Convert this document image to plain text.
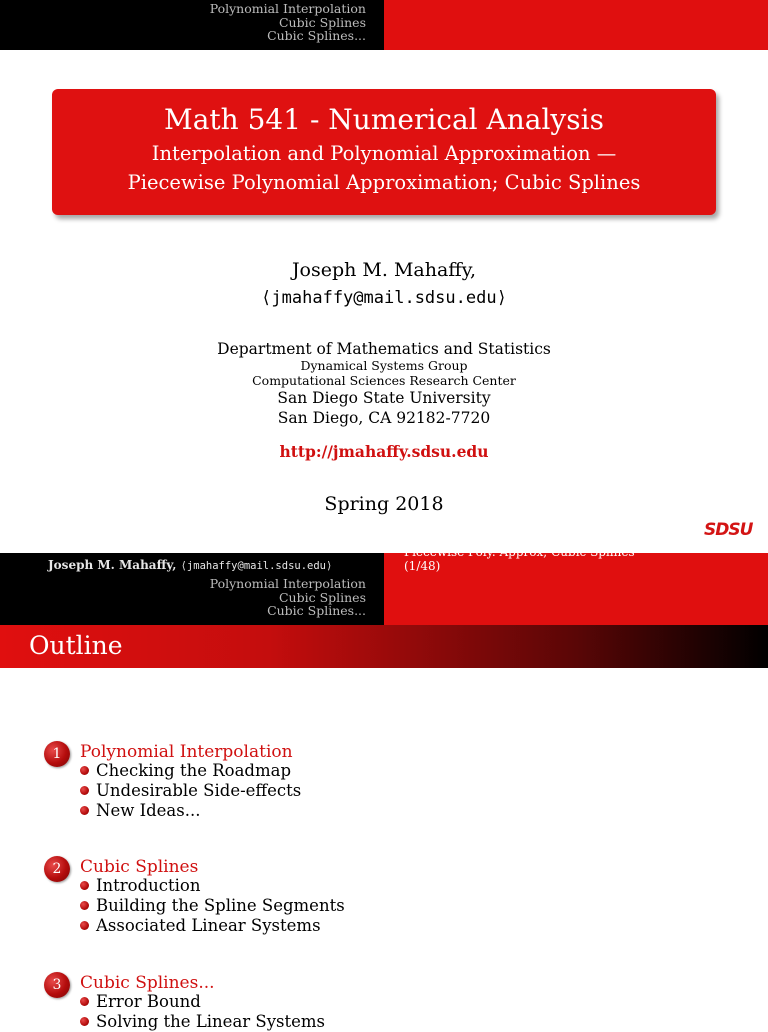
Polynomial Interpolation
Cubic Splines
Cubic Splines...
Math 541 - Numerical Analysis
Interpolation and Polynomial Approximation —
Piecewise Polynomial Approximation; Cubic Splines
Joseph M. Mahaffy,
⟨jmahaffy@mail.sdsu.edu⟩
Department of Mathematics and Statistics
Dynamical Systems Group
Computational Sciences Research Center
San Diego State University
San Diego, CA 92182-7720
http://jmahaffy.sdsu.edu
Spring 2018
SDSU
Joseph M. Mahaffy, ⟨jmahaffy@mail.sdsu.edu⟩
Polynomial Interpolation
Cubic Splines
Cubic Splines...
Piecewise Poly. Approx; Cubic Splines
(1/48)
Outline
1	Polynomial Interpolation
Checking the Roadmap
Undesirable Side-effects
New Ideas...
2	Cubic Splines
Introduction
Building the Spline Segments
Associated Linear Systems
3	Cubic Splines...
Error Bound
Solving the Linear Systems
